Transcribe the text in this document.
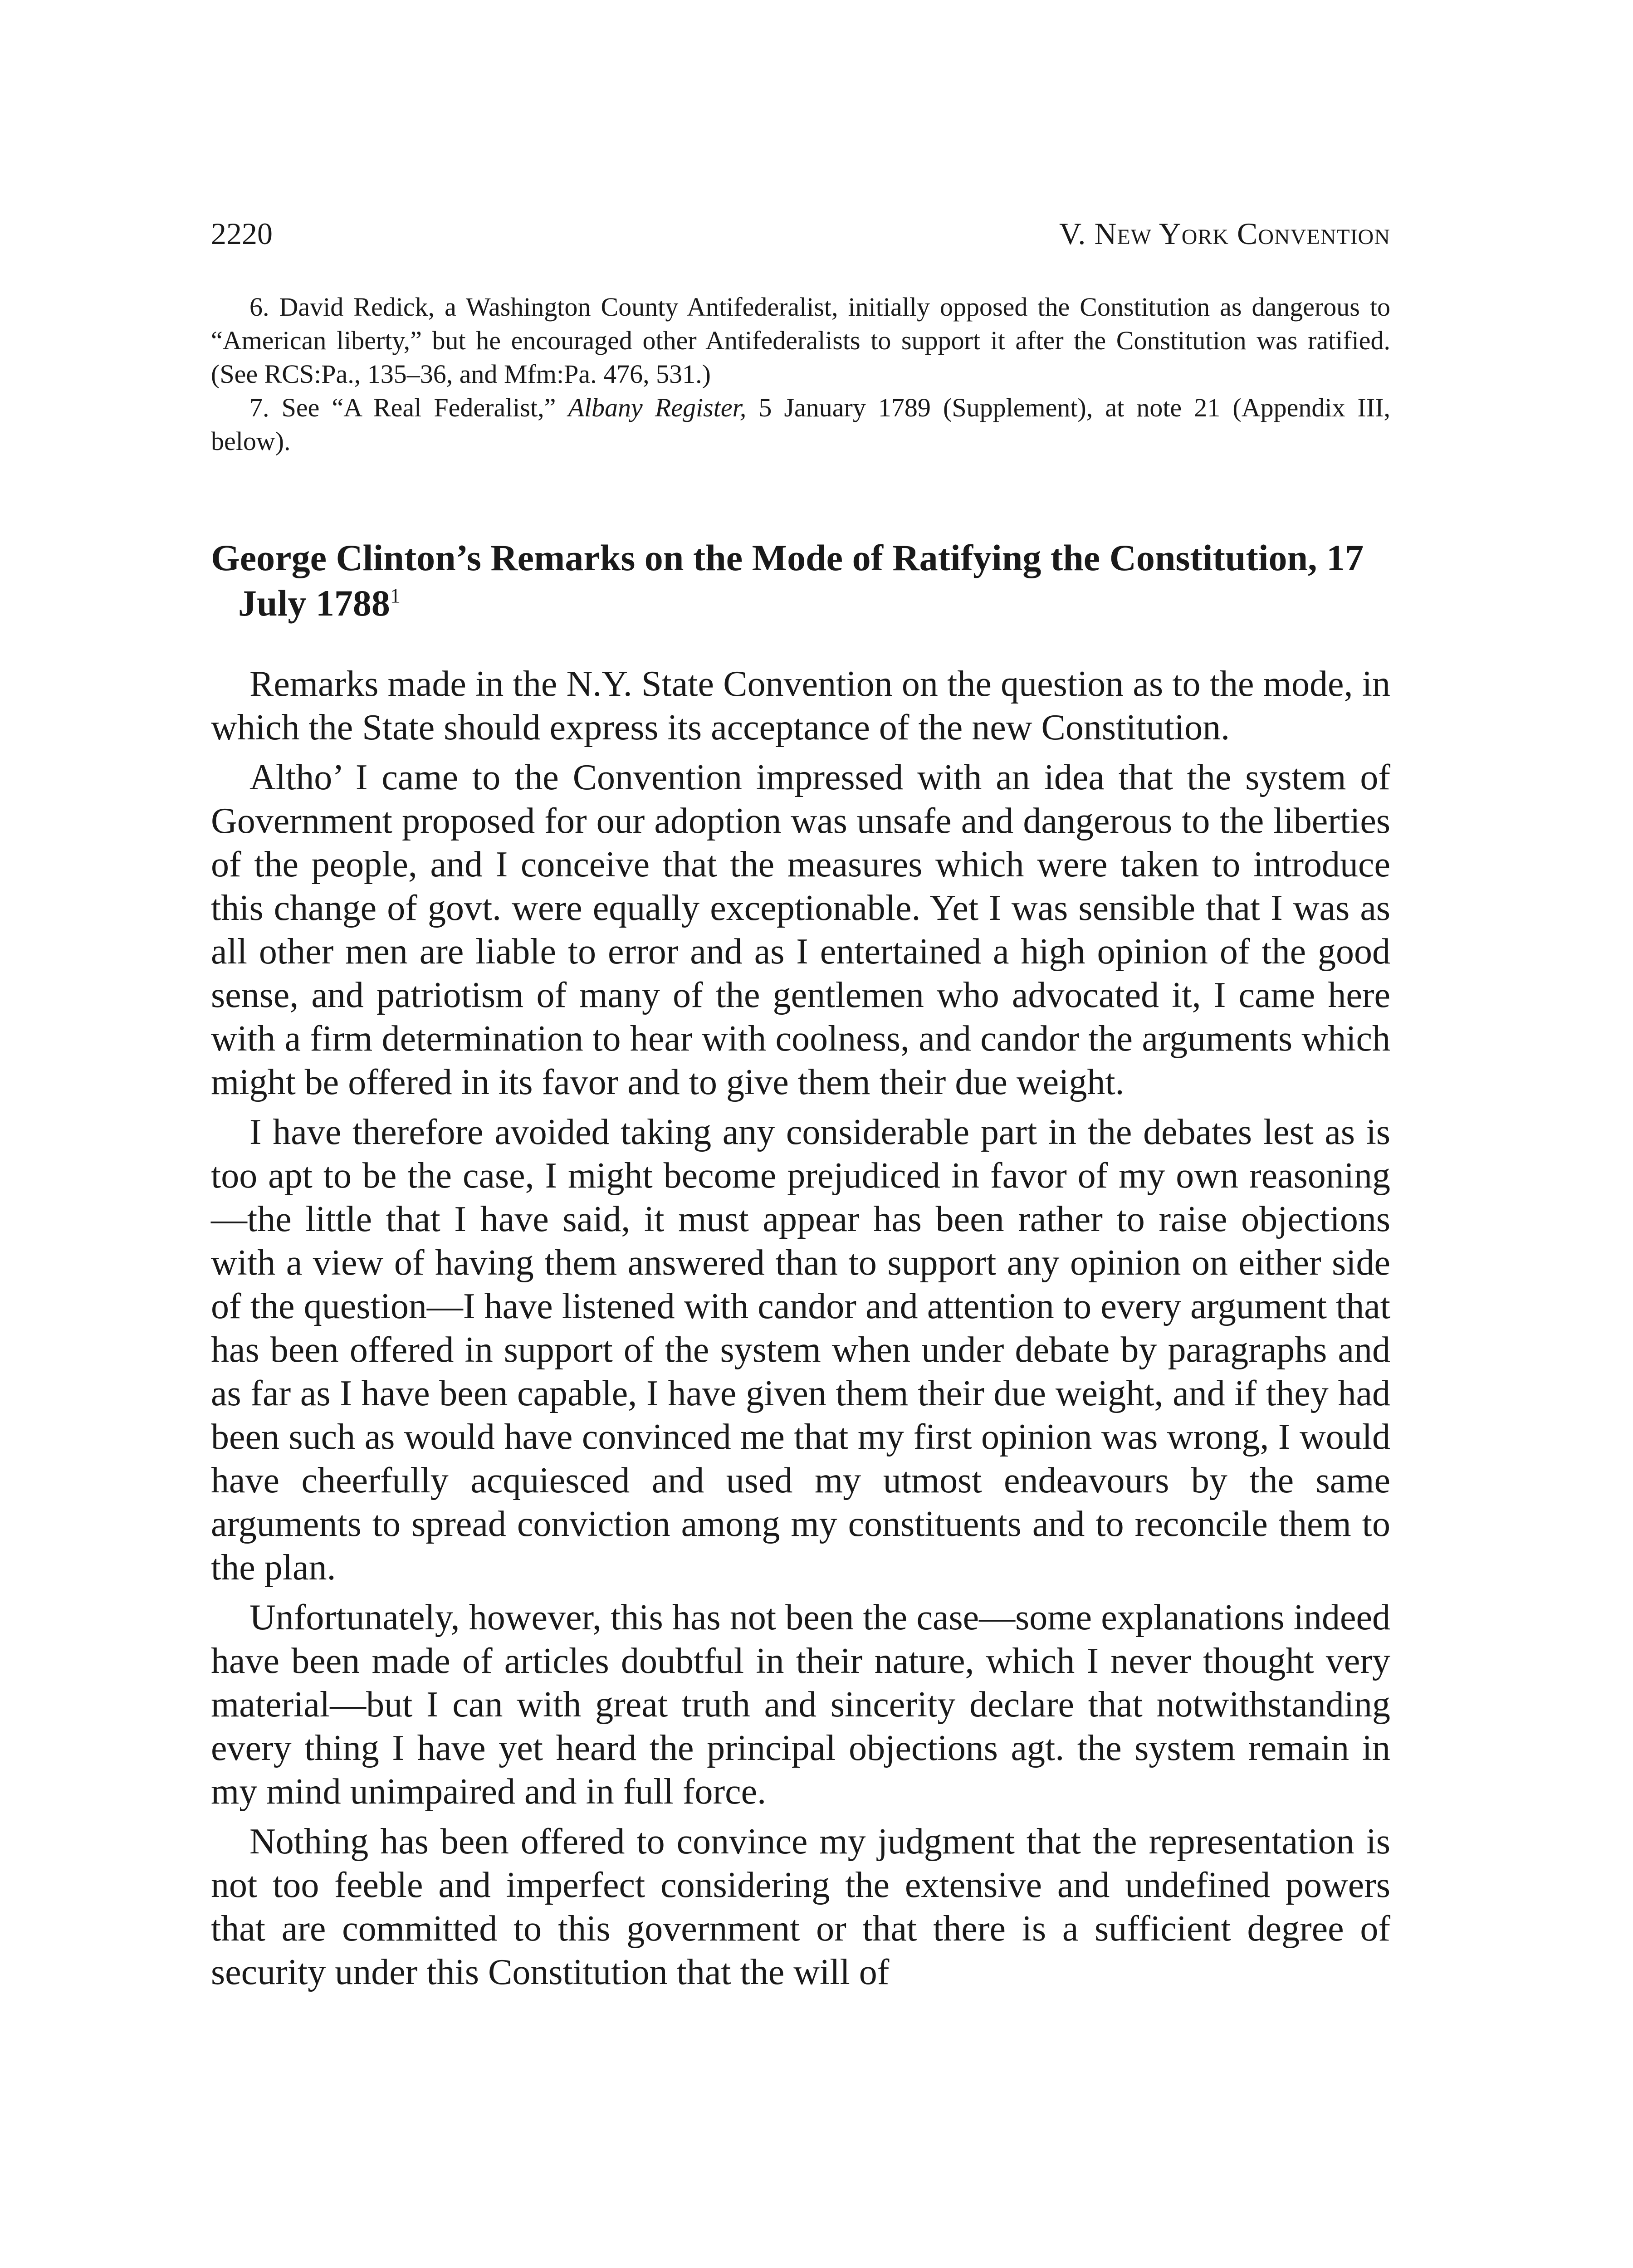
2220	V. New York Convention

6. David Redick, a Washington County Antifederalist, initially opposed the Constitution as dangerous to “American liberty,” but he encouraged other Antifederalists to support it after the Constitution was ratified. (See RCS:Pa., 135–36, and Mfm:Pa. 476, 531.)

7. See “A Real Federalist,” Albany Register, 5 January 1789 (Supplement), at note 21 (Appendix III, below).

George Clinton’s Remarks on the Mode of Ratifying the Constitution, 17 July 1788$^1$

Remarks made in the N.Y. State Convention on the question as to the mode, in which the State should express its acceptance of the new Constitution.

Altho’ I came to the Convention impressed with an idea that the system of Government proposed for our adoption was unsafe and dangerous to the liberties of the people, and I conceive that the measures which were taken to introduce this change of govt. were equally exceptionable. Yet I was sensible that I was as all other men are liable to error and as I entertained a high opinion of the good sense, and patriotism of many of the gentlemen who advocated it, I came here with a firm determination to hear with coolness, and candor the arguments which might be offered in its favor and to give them their due weight.

I have therefore avoided taking any considerable part in the debates lest as is too apt to be the case, I might become prejudiced in favor of my own reasoning—the little that I have said, it must appear has been rather to raise objections with a view of having them answered than to support any opinion on either side of the question—I have listened with candor and attention to every argument that has been offered in support of the system when under debate by paragraphs and as far as I have been capable, I have given them their due weight, and if they had been such as would have convinced me that my first opinion was wrong, I would have cheerfully acquiesced and used my utmost endeavours by the same arguments to spread conviction among my constituents and to reconcile them to the plan.

Unfortunately, however, this has not been the case—some explanations indeed have been made of articles doubtful in their nature, which I never thought very material—but I can with great truth and sincerity declare that notwithstanding every thing I have yet heard the principal objections agt. the system remain in my mind unimpaired and in full force.

Nothing has been offered to convince my judgment that the representation is not too feeble and imperfect considering the extensive and undefined powers that are committed to this government or that there is a sufficient degree of security under this Constitution that the will of
